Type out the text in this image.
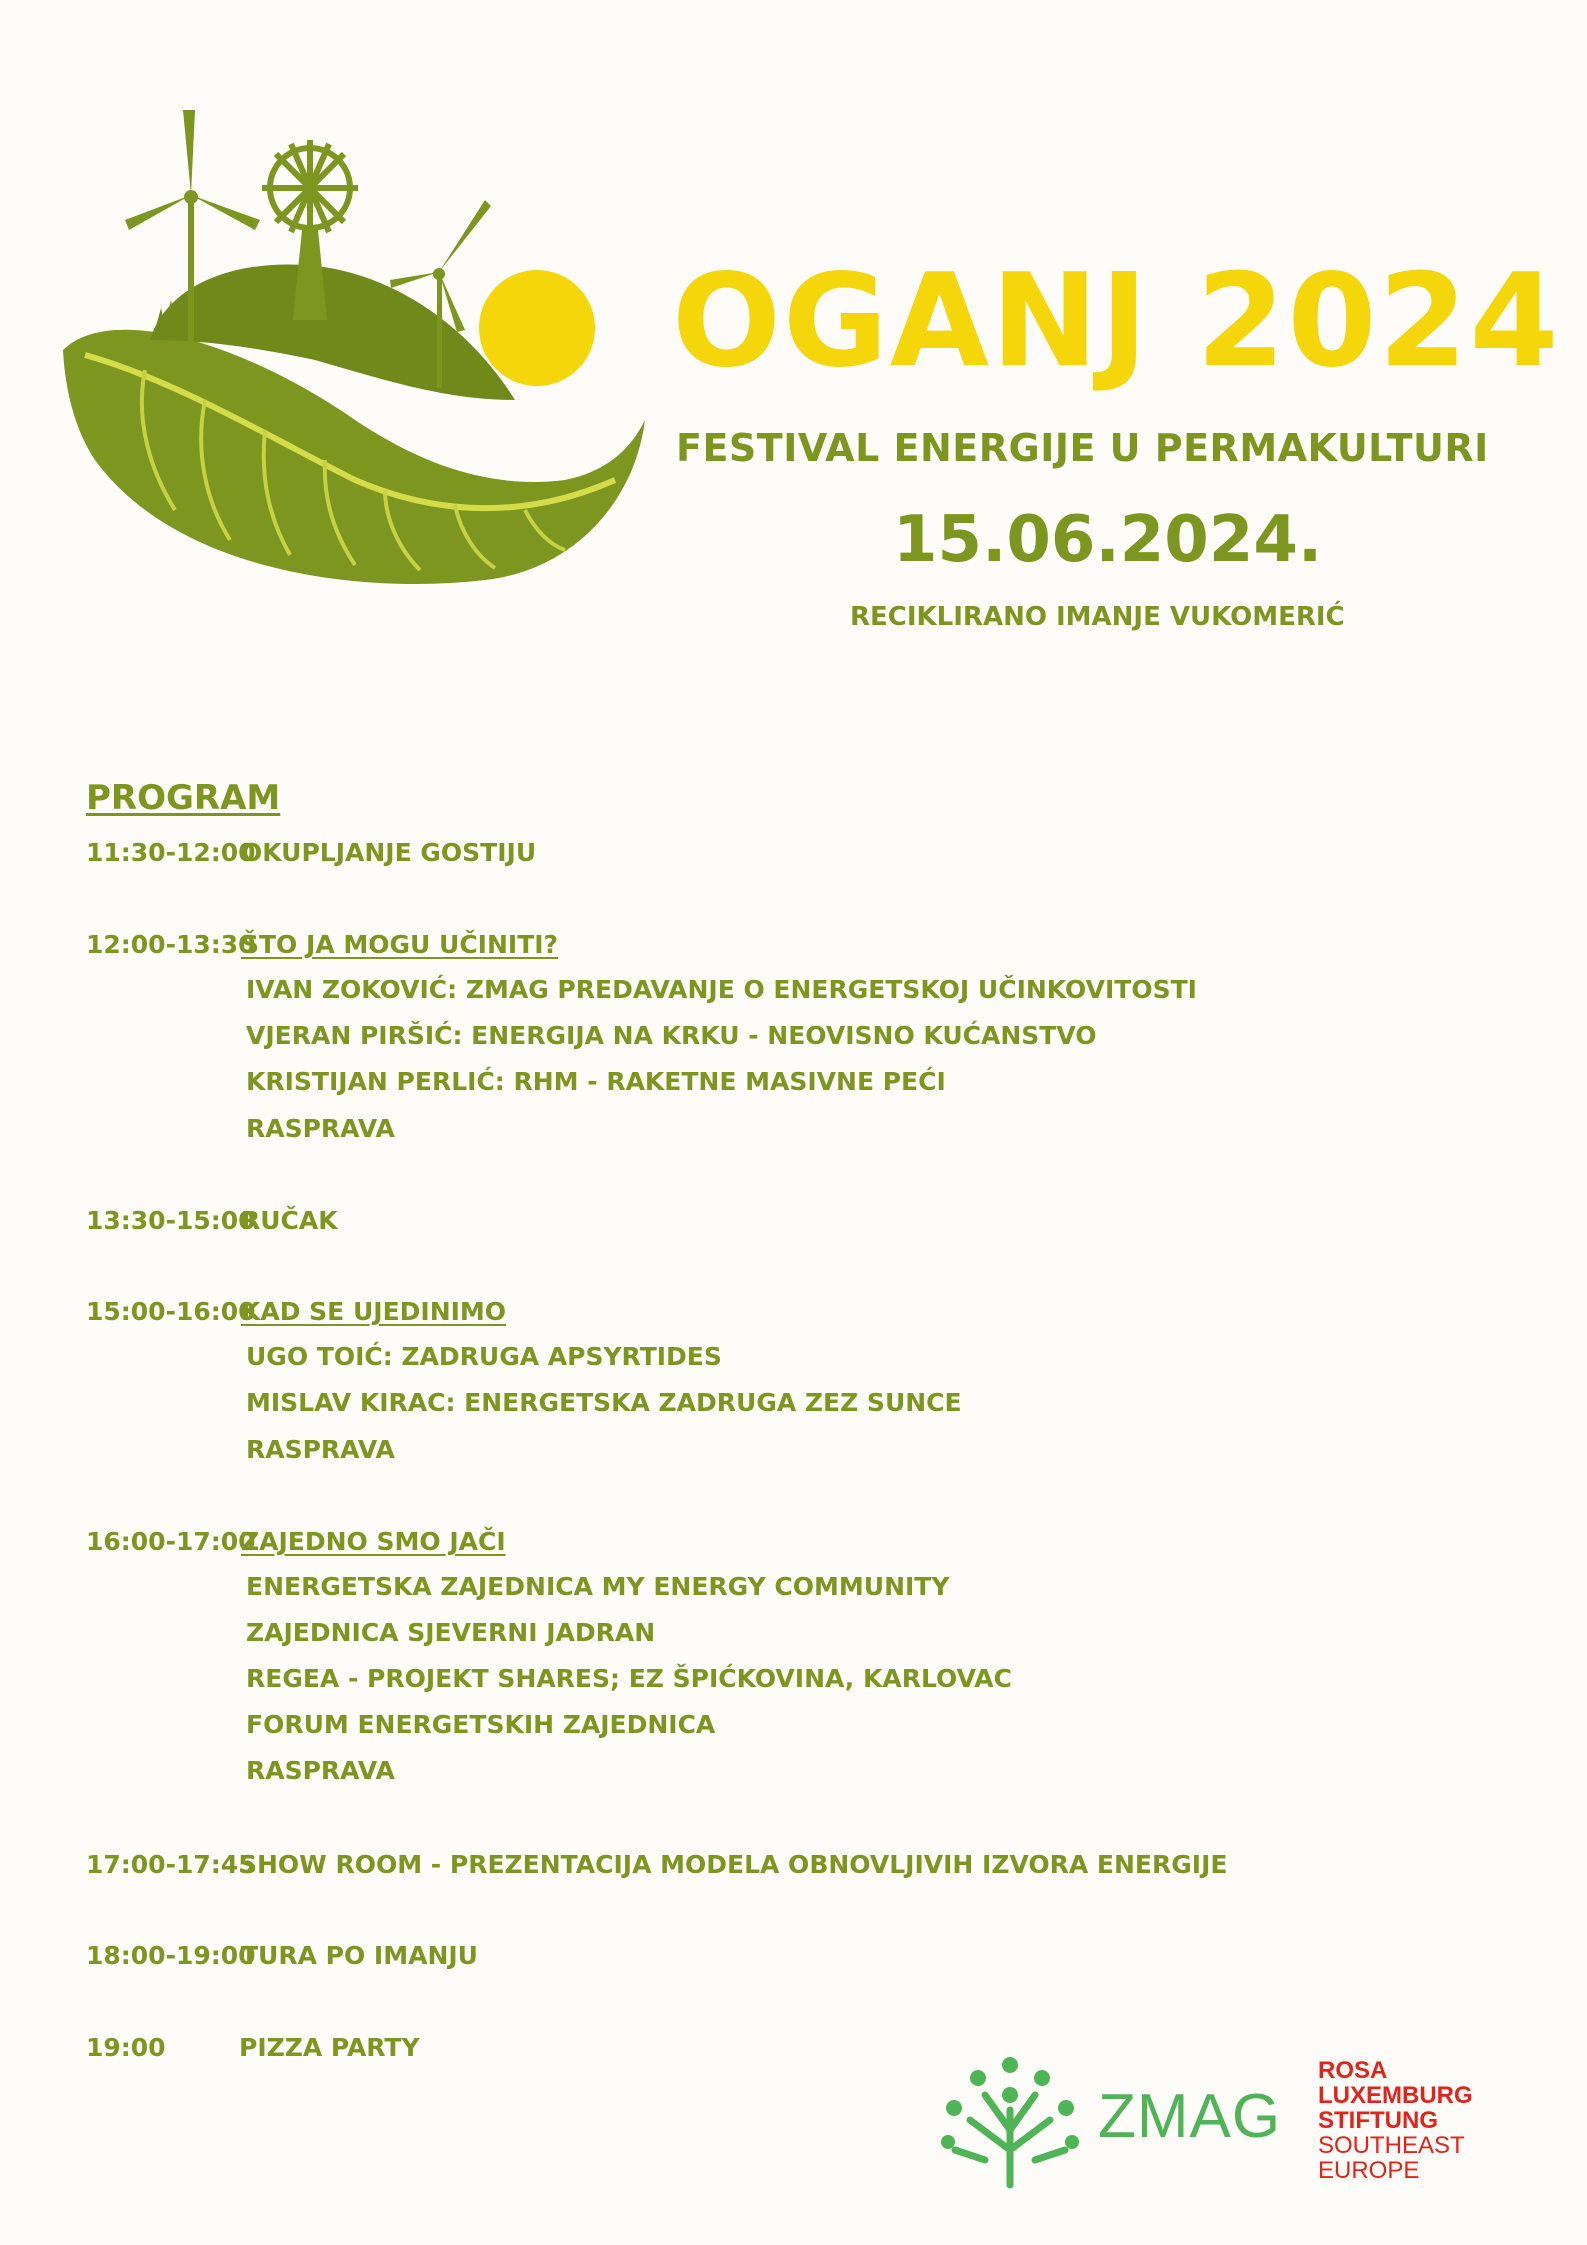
OGANJ 2024
FESTIVAL ENERGIJE U PERMAKULTURI
15.06.2024.
RECIKLIRANO IMANJE VUKOMERIĆ
PROGRAM
11:30-12:00
OKUPLJANJE GOSTIJU
12:00-13:30
ŠTO JA MOGU UČINITI?
IVAN ZOKOVIĆ: ZMAG PREDAVANJE O ENERGETSKOJ UČINKOVITOSTI
VJERAN PIRŠIĆ: ENERGIJA NA KRKU - NEOVISNO KUĆANSTVO
KRISTIJAN PERLIĆ: RHM - RAKETNE MASIVNE PEĆI
RASPRAVA
13:30-15:00
RUČAK
15:00-16:00
KAD SE UJEDINIMO
UGO TOIĆ: ZADRUGA APSYRTIDES
MISLAV KIRAC: ENERGETSKA ZADRUGA ZEZ SUNCE
RASPRAVA
16:00-17:00
ZAJEDNO SMO JAČI
ENERGETSKA ZAJEDNICA MY ENERGY COMMUNITY
ZAJEDNICA SJEVERNI JADRAN
REGEA - PROJEKT SHARES; EZ ŠPIĆKOVINA, KARLOVAC
FORUM ENERGETSKIH ZAJEDNICA
RASPRAVA
17:00-17:45
SHOW ROOM - PREZENTACIJA MODELA OBNOVLJIVIH IZVORA ENERGIJE
18:00-19:00
TURA PO IMANJU
19:00	PIZZA PARTY
ZMAG
ROSA
LUXEMBURG
STIFTUNG
SOUTHEAST
EUROPE
